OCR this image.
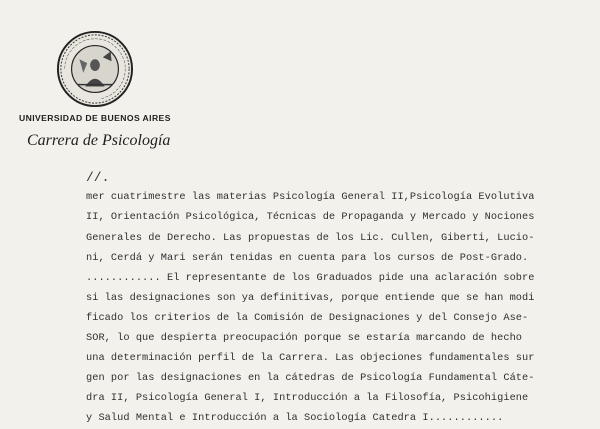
~~~~~~~~~~~~~~~~~~~~~~~~~~~~~~~~
UNIVERSIDAD DE BUENOS AIRES
Carrera de Psicología
//.
mer cuatrimestre las materias Psicología General II,Psicología Evolutiva
II, Orientación Psicológica, Técnicas de Propaganda y Mercado y Nociones
Generales de Derecho. Las propuestas de los Lic. Cullen, Giberti, Lucio-
ni, Cerdá y Mari serán tenidas en cuenta para los cursos de Post-Grado.
............ El representante de los Graduados pide una aclaración sobre
si las designaciones son ya definitivas, porque entiende que se han modi
ficado los criterios de la Comisión de Designaciones y del Consejo Ase-
SOR, lo que despierta preocupación porque se estaría marcando de hecho
una determinación perfil de la Carrera. Las objeciones fundamentales sur
gen por las designaciones en la cátedras de Psicología Fundamental Cáte-
dra II, Psicología General I, Introducción a la Filosofía, Psicohigiene
y Salud Mental e Introducción a la Sociología Catedra I............
